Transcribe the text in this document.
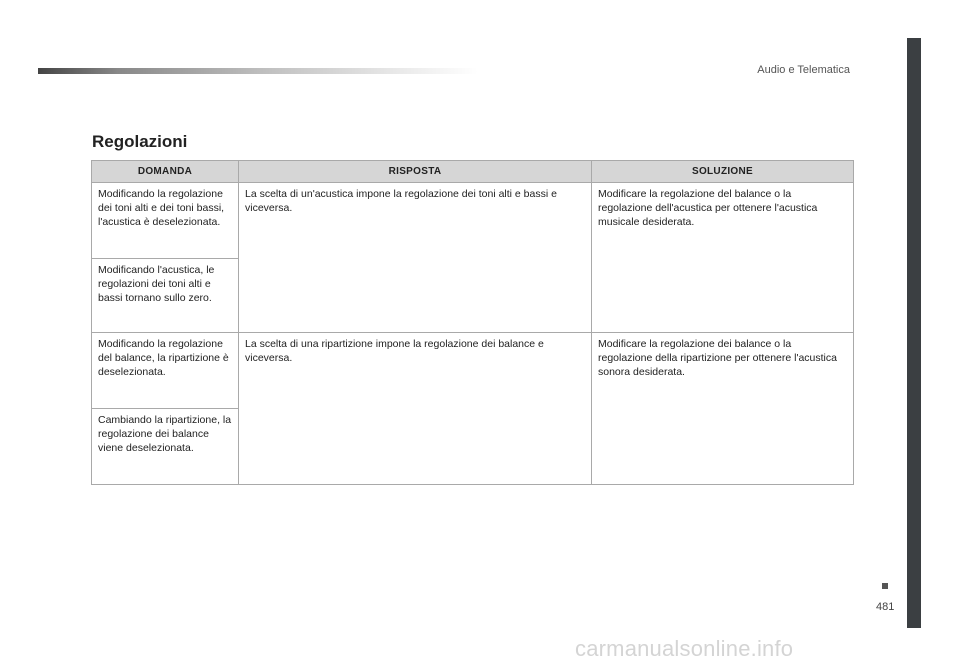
Audio e Telematica
Regolazioni
DOMANDA	RISPOSTA	SOLUZIONE
Modificando la regolazione dei toni alti e dei toni bassi, l'acustica è deselezionata.	La scelta di un'acustica impone la regolazione dei toni alti e bassi e viceversa.	Modificare la regolazione del balance o la regolazione dell'acustica per ottenere l'acustica musicale desiderata.
Modificando l'acustica, le regolazioni dei toni alti e bassi tornano sullo zero.		
Modificando la regolazione del balance, la ripartizione è deselezionata.	La scelta di una ripartizione impone la regolazione dei balance e viceversa.	Modificare la regolazione dei balance o la regolazione della ripartizione per ottenere l'acustica sonora desiderata.
Cambiando la ripartizione, la regolazione dei balance viene deselezionata.		
481
carmanualsonline.info
